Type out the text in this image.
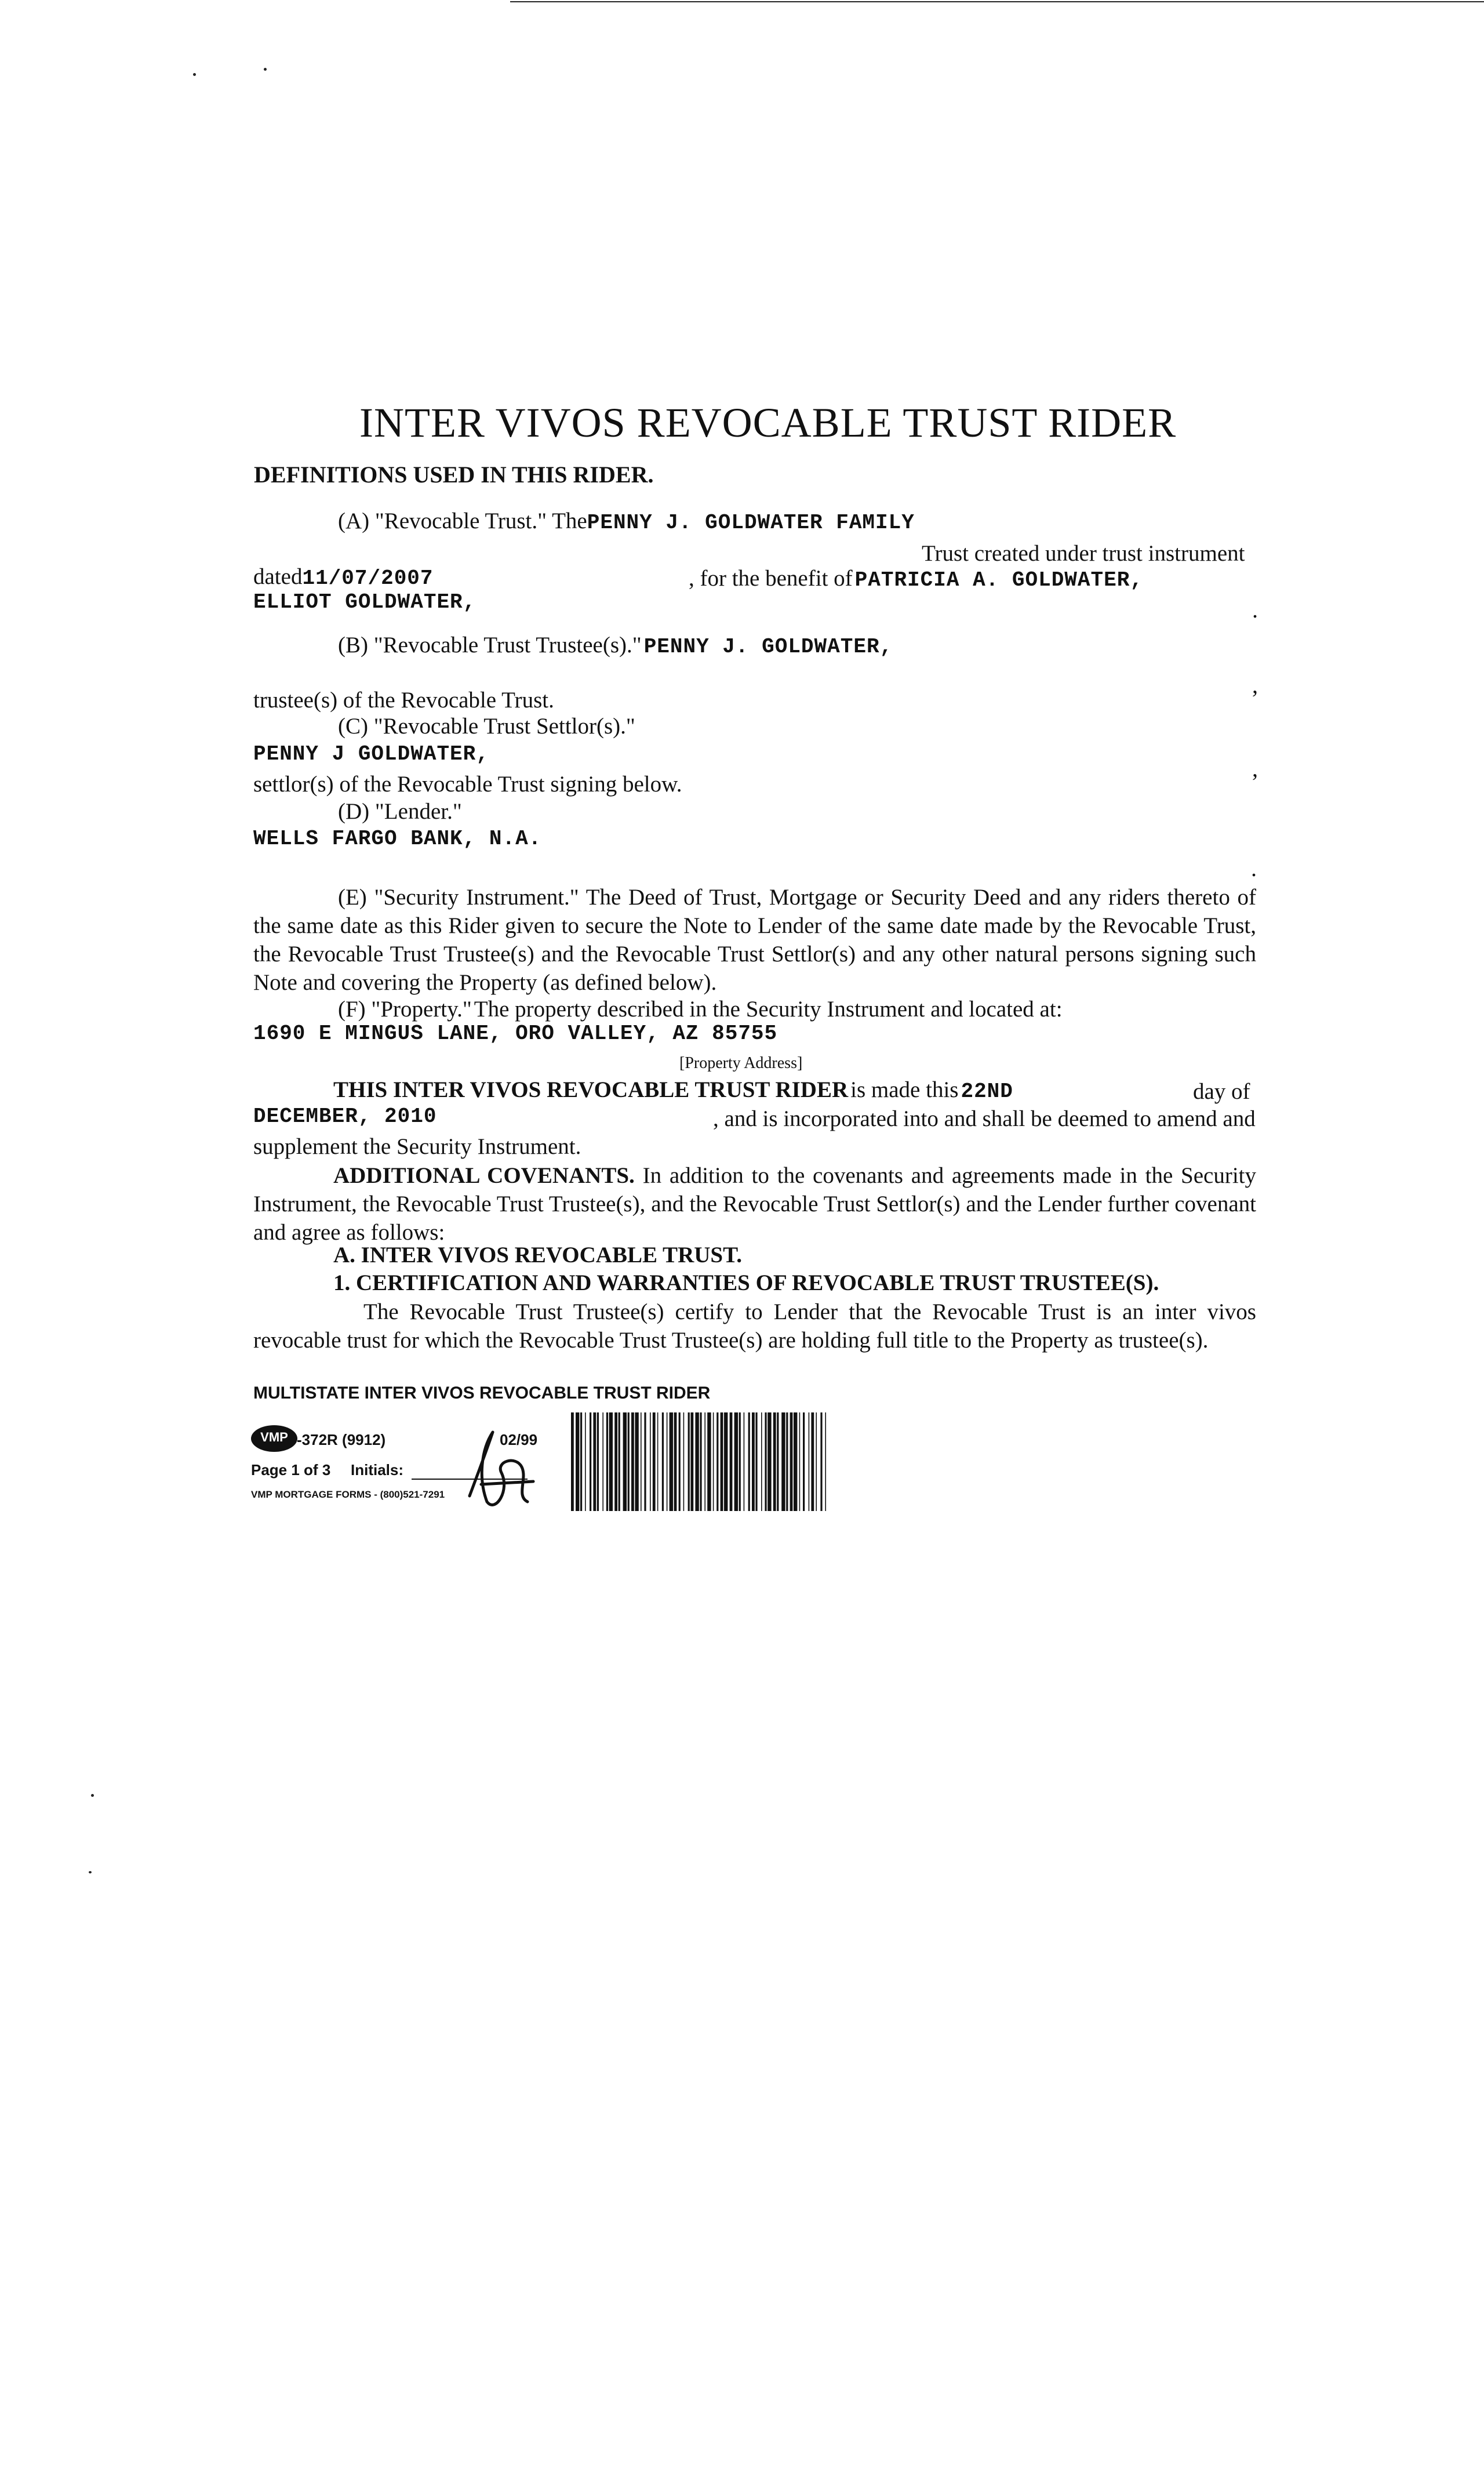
INTER VIVOS REVOCABLE TRUST RIDER
DEFINITIONS USED IN THIS RIDER.
(A) "Revocable Trust." ThePENNY J. GOLDWATER FAMILY
Trust created under trust instrument
dated11/07/2007	, for the benefit of PATRICIA A. GOLDWATER,
ELLIOT GOLDWATER,	.
(B) "Revocable Trust Trustee(s)." PENNY J. GOLDWATER,
,
trustee(s) of the Revocable Trust.
(C) "Revocable Trust Settlor(s)."
PENNY J GOLDWATER,
,
settlor(s) of the Revocable Trust signing below.
(D) "Lender."
WELLS FARGO BANK, N.A.
.
(E) "Security Instrument." The Deed of Trust, Mortgage or Security Deed and any riders thereto of the same date as this Rider given to secure the Note to Lender of the same date made by the Revocable Trust, the Revocable Trust Trustee(s) and the Revocable Trust Settlor(s) and any other natural persons signing such Note and covering the Property (as defined below).
(F) "Property." The property described in the Security Instrument and located at:
1690 E MINGUS LANE, ORO VALLEY, AZ 85755
[Property Address]
THIS INTER VIVOS REVOCABLE TRUST RIDER is made this 22ND	day of
DECEMBER, 2010	, and is incorporated into and shall be deemed to amend and
supplement the Security Instrument.
ADDITIONAL COVENANTS. In addition to the covenants and agreements made in the Security Instrument, the Revocable Trust Trustee(s), and the Revocable Trust Settlor(s) and the Lender further covenant and agree as follows:
A. INTER VIVOS REVOCABLE TRUST.
1. CERTIFICATION AND WARRANTIES OF REVOCABLE TRUST TRUSTEE(S).
The Revocable Trust Trustee(s) certify to Lender that the Revocable Trust is an inter vivos revocable trust for which the Revocable Trust Trustee(s) are holding full title to the Property as trustee(s).
MULTISTATE INTER VIVOS REVOCABLE TRUST RIDER
VMP -372R (9912)	02/99
Page 1 of 3 Initials:
VMP MORTGAGE FORMS - (800)521-7291
